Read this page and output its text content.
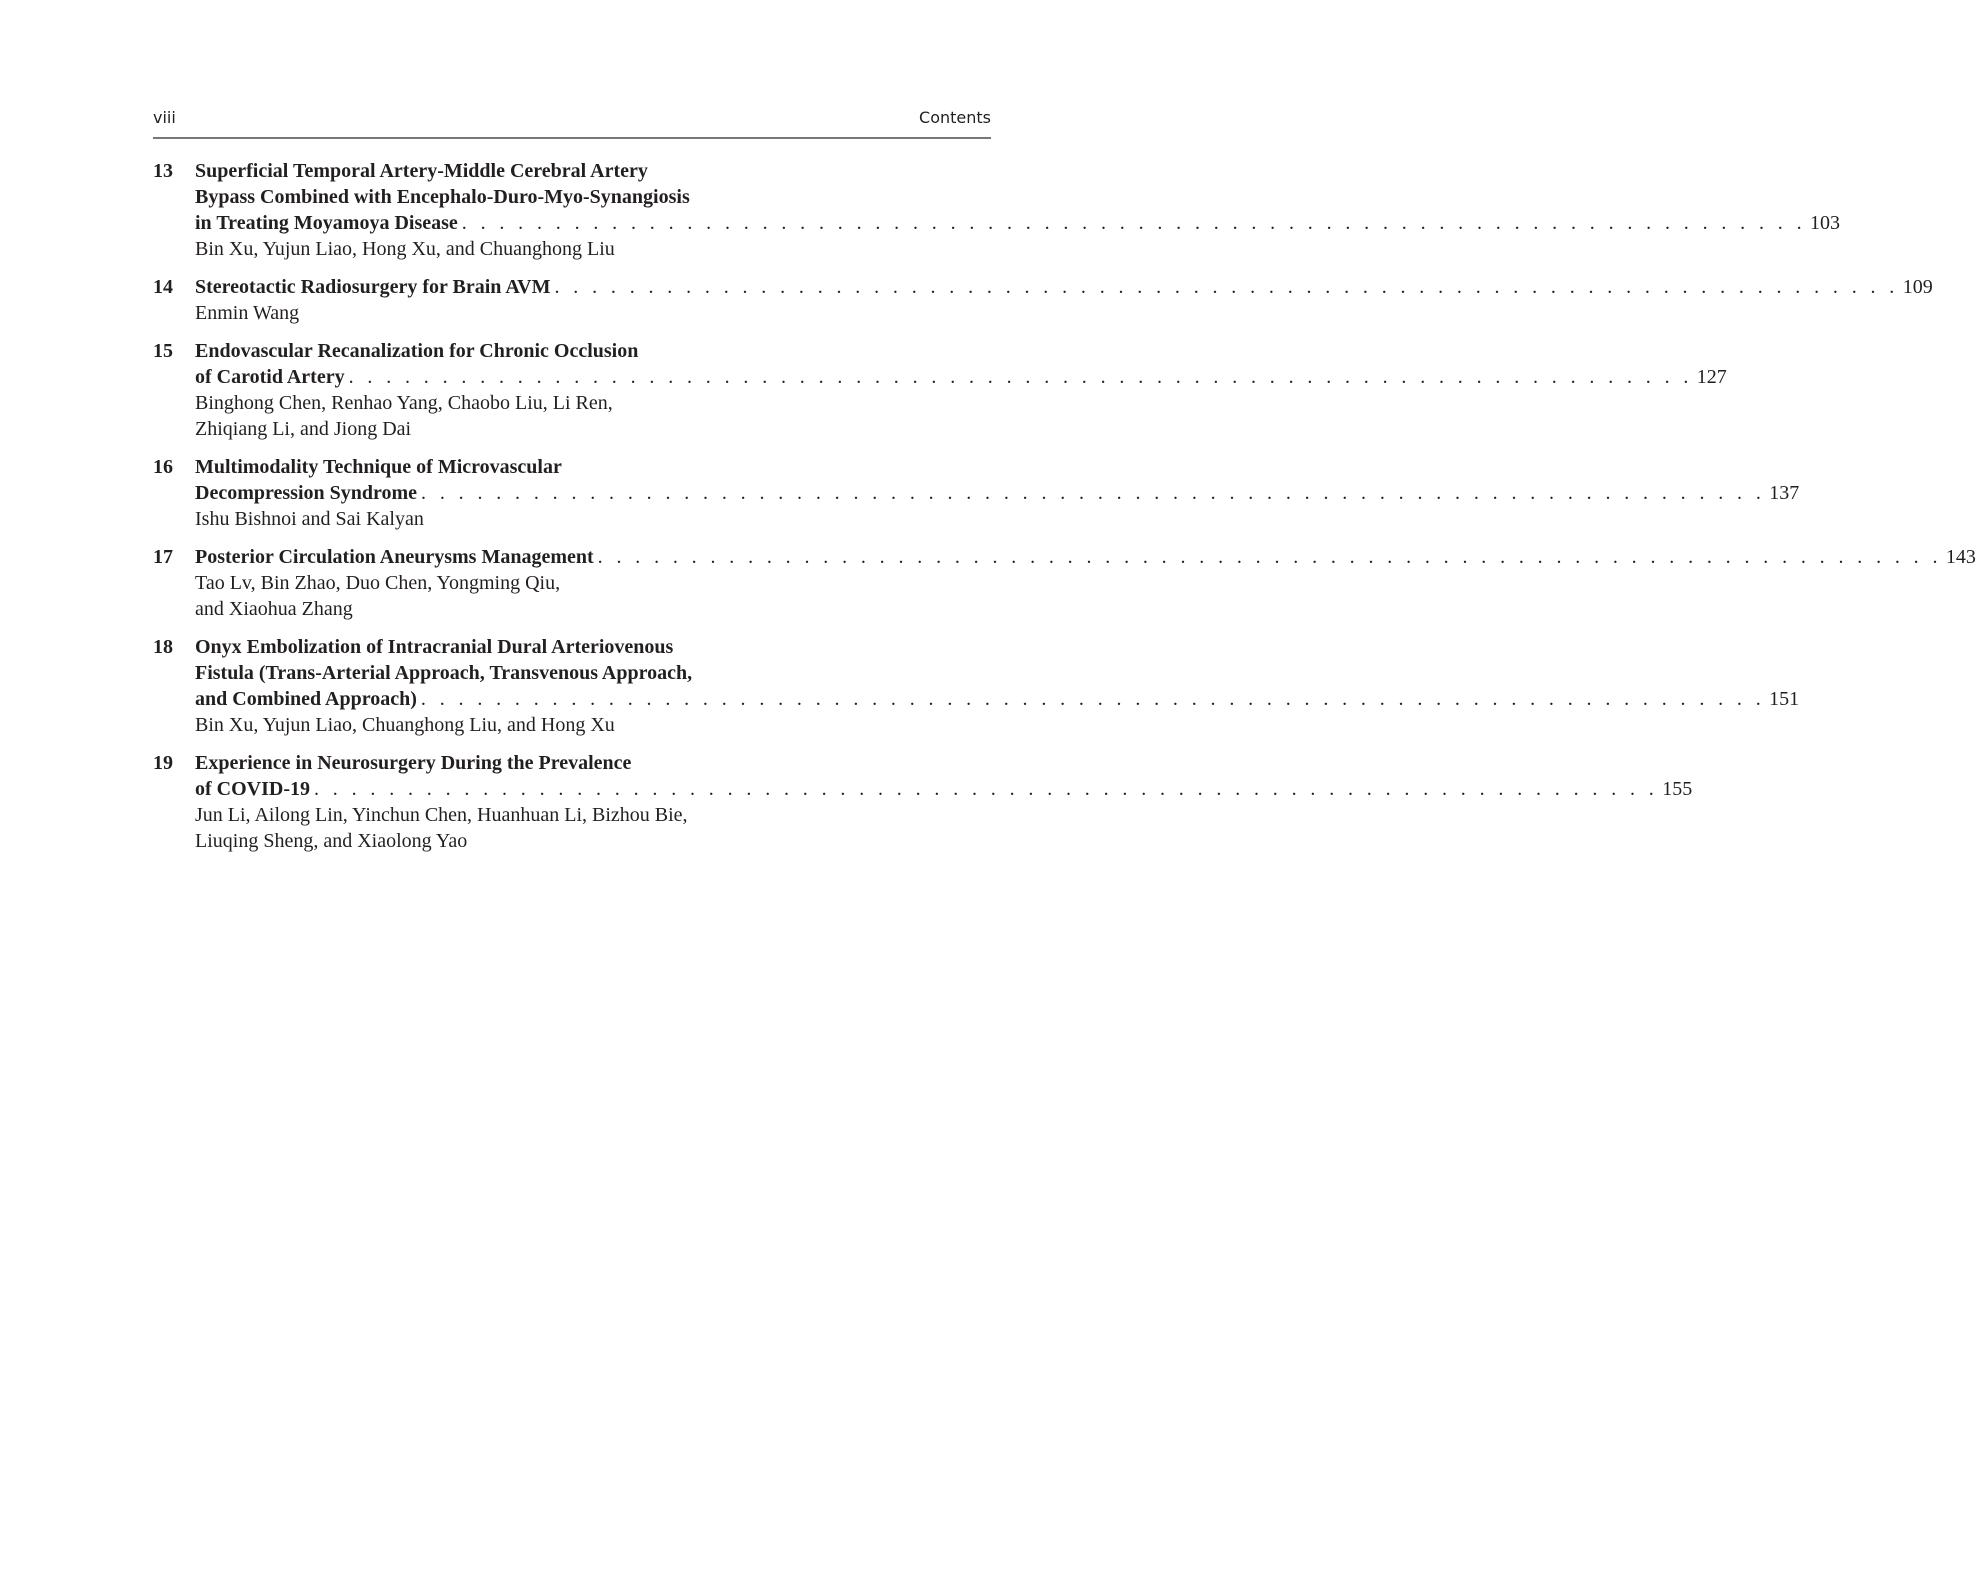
viii	Contents
13 Superficial Temporal Artery-Middle Cerebral Artery
Bypass Combined with Encephalo-Duro-Myo-Synangiosis
in Treating Moyamoya Disease . . . . . . . . . . . . . . . . . . . . . . . . . . . . . . . . . . . . . . . . . . . . . . . . . . . . . . . . . . . . . . . . . . . . . . . . 103
Bin Xu, Yujun Liao, Hong Xu, and Chuanghong Liu
14 Stereotactic Radiosurgery for Brain AVM . . . . . . . . . . . . . . . . . . . . . . . . . . . . . . . . . . . . . . . . . . . . . . . . . . . . . . . . . . . . . . . . . . . . . . . . 109
Enmin Wang
15 Endovascular Recanalization for Chronic Occlusion
of Carotid Artery . . . . . . . . . . . . . . . . . . . . . . . . . . . . . . . . . . . . . . . . . . . . . . . . . . . . . . . . . . . . . . . . . . . . . . . . 127
Binghong Chen, Renhao Yang, Chaobo Liu, Li Ren,
Zhiqiang Li, and Jiong Dai
16 Multimodality Technique of Microvascular
Decompression Syndrome . . . . . . . . . . . . . . . . . . . . . . . . . . . . . . . . . . . . . . . . . . . . . . . . . . . . . . . . . . . . . . . . . . . . . . . . 137
Ishu Bishnoi and Sai Kalyan
17 Posterior Circulation Aneurysms Management . . . . . . . . . . . . . . . . . . . . . . . . . . . . . . . . . . . . . . . . . . . . . . . . . . . . . . . . . . . . . . . . . . . . . . . . 143
Tao Lv, Bin Zhao, Duo Chen, Yongming Qiu,
and Xiaohua Zhang
18 Onyx Embolization of Intracranial Dural Arteriovenous
Fistula (Trans-Arterial Approach, Transvenous Approach,
and Combined Approach) . . . . . . . . . . . . . . . . . . . . . . . . . . . . . . . . . . . . . . . . . . . . . . . . . . . . . . . . . . . . . . . . . . . . . . . . 151
Bin Xu, Yujun Liao, Chuanghong Liu, and Hong Xu
19 Experience in Neurosurgery During the Prevalence
of COVID-19 . . . . . . . . . . . . . . . . . . . . . . . . . . . . . . . . . . . . . . . . . . . . . . . . . . . . . . . . . . . . . . . . . . . . . . . . 155
Jun Li, Ailong Lin, Yinchun Chen, Huanhuan Li, Bizhou Bie,
Liuqing Sheng, and Xiaolong Yao
